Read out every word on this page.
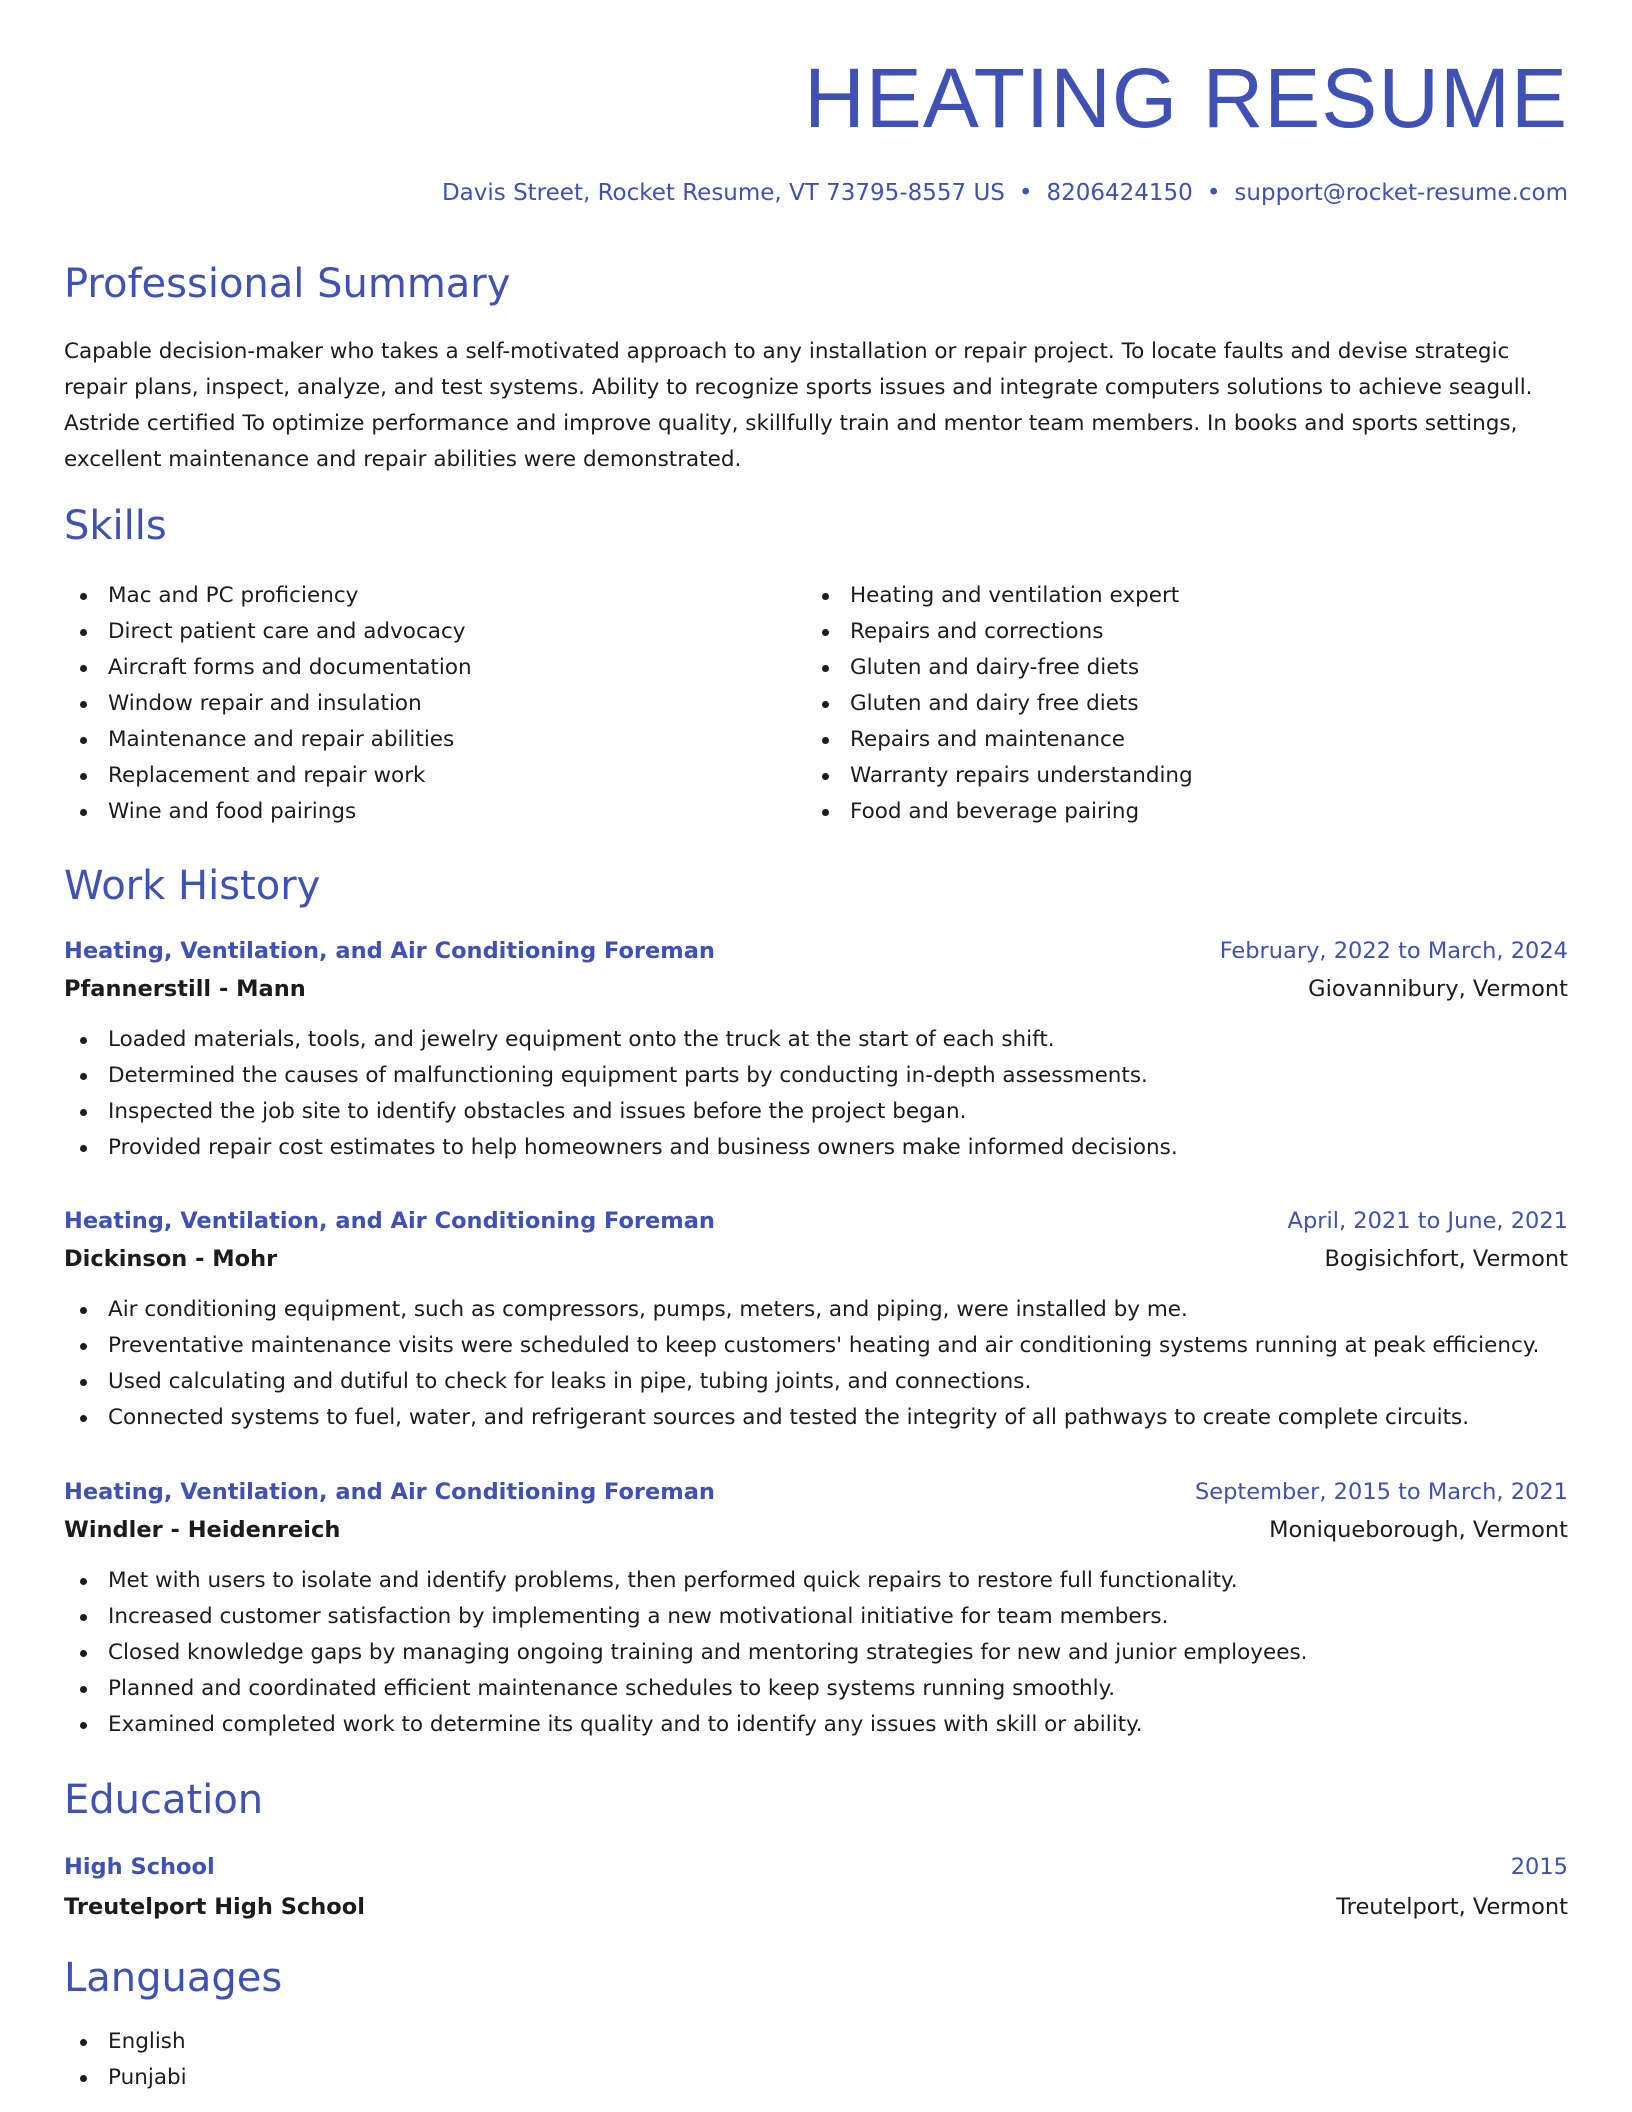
HEATING RESUME
Davis Street, Rocket Resume, VT 73795-8557 US • 8206424150 • support@rocket-resume.com
Professional Summary

Capable decision-maker who takes a self-motivated approach to any installation or repair project. To locate faults and devise strategic repair plans, inspect, analyze, and test systems. Ability to recognize sports issues and integrate computers solutions to achieve seagull. Astride certified To optimize performance and improve quality, skillfully train and mentor team members. In books and sports settings, excellent maintenance and repair abilities were demonstrated.

Skills
Mac and PC proficiency
Direct patient care and advocacy
Aircraft forms and documentation
Window repair and insulation
Maintenance and repair abilities
Replacement and repair work
Wine and food pairings
Heating and ventilation expert
Repairs and corrections
Gluten and dairy-free diets
Gluten and dairy free diets
Repairs and maintenance
Warranty repairs understanding
Food and beverage pairing
Work History
Heating, Ventilation, and Air Conditioning Foreman	February, 2022 to March, 2024
Pfannerstill - Mann	Giovannibury, Vermont
Loaded materials, tools, and jewelry equipment onto the truck at the start of each shift.
Determined the causes of malfunctioning equipment parts by conducting in-depth assessments.
Inspected the job site to identify obstacles and issues before the project began.
Provided repair cost estimates to help homeowners and business owners make informed decisions.
Heating, Ventilation, and Air Conditioning Foreman	April, 2021 to June, 2021
Dickinson - Mohr	Bogisichfort, Vermont
Air conditioning equipment, such as compressors, pumps, meters, and piping, were installed by me.
Preventative maintenance visits were scheduled to keep customers' heating and air conditioning systems running at peak efficiency.
Used calculating and dutiful to check for leaks in pipe, tubing joints, and connections.
Connected systems to fuel, water, and refrigerant sources and tested the integrity of all pathways to create complete circuits.
Heating, Ventilation, and Air Conditioning Foreman	September, 2015 to March, 2021
Windler - Heidenreich	Moniqueborough, Vermont
Met with users to isolate and identify problems, then performed quick repairs to restore full functionality.
Increased customer satisfaction by implementing a new motivational initiative for team members.
Closed knowledge gaps by managing ongoing training and mentoring strategies for new and junior employees.
Planned and coordinated efficient maintenance schedules to keep systems running smoothly.
Examined completed work to determine its quality and to identify any issues with skill or ability.
Education
High School	2015
Treutelport High School	Treutelport, Vermont
Languages
English
Punjabi
